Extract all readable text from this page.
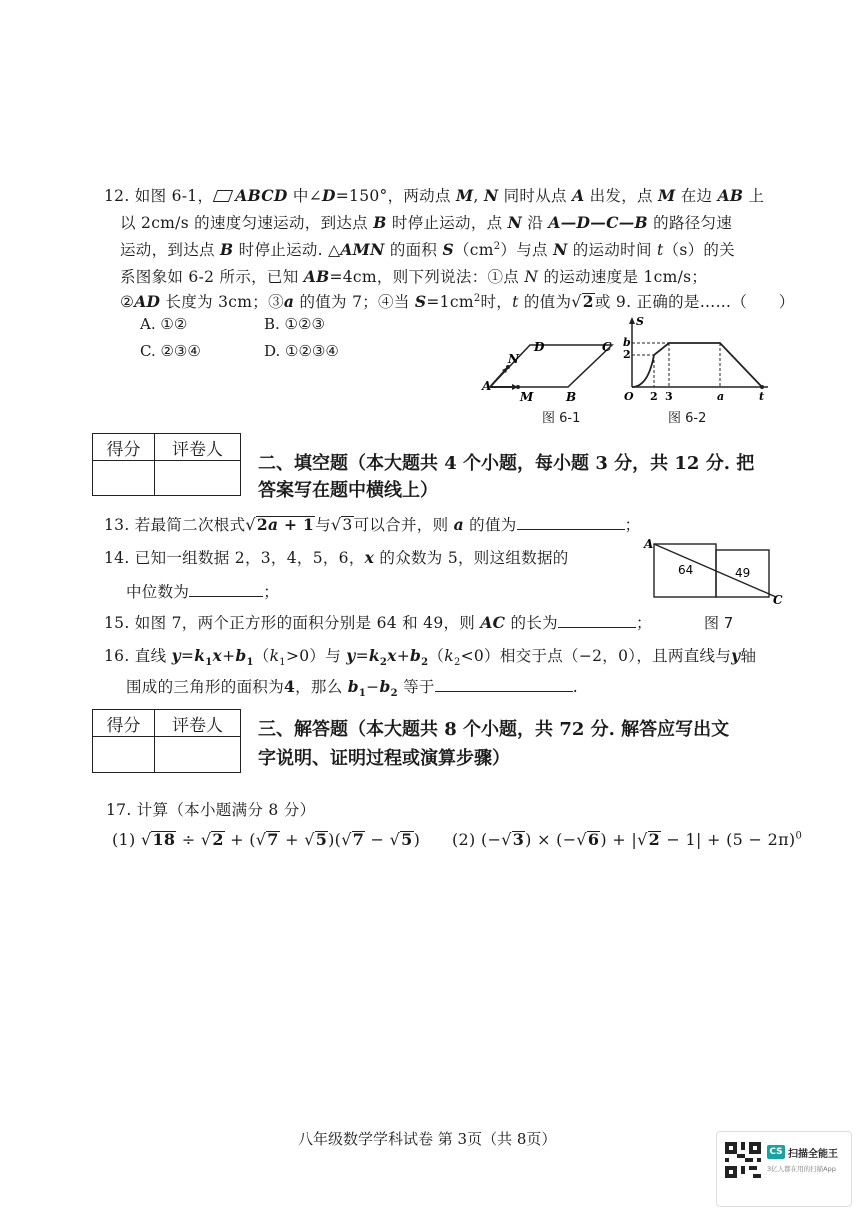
12. 如图 6-1， ABCD 中∠D=150°，两动点 M, N 同时从点 A 出发，点 M 在边 AB 上
以 2cm/s 的速度匀速运动，到达点 B 时停止运动，点 N 沿 A—D—C—B 的路径匀速
运动，到达点 B 时停止运动. △AMN 的面积 $S(cm^2)$与点 N 的运动时间 t（s）的关
系图象如 6-2 所示，已知 AB=4cm，则下列说法：①点 N 的运动速度是 1cm/s；
②AD 长度为 3cm；③a 的值为 7；④当 $S=1cm^2$时，t 的值为√2或 9. 正确的是……（　　）
A. ①②	B. ①②③
C. ②③④	D. ①②③④	N
D	C
A
M	B
图 6-1
S
b
2
O 2 3	a	t
图 6-2
得分	评卷人

二、填空题（本大题共 4 个小题，每小题 3 分，共 12 分. 把
答案写在题中横线上）
13. 若最简二次根式√2a + 1与√3可以合并，则 a 的值为	；
14. 已知一组数据 2，3，4，5，6，x 的众数为 5，则这组数据的
中位数为	；
A
64	49
C
15. 如图 7，两个正方形的面积分别是 64 和 49，则 AC 的长为	；	图 7
16. 直线 $y=k_1x+b_1(k_1>0)$与 $y=k_2x+b_2(k_2<0)$相交于点（−2，0），且两直线与y轴
围成的三角形的面积为4，那么 $b_1-b_2$ 等于	.
得分	评卷人
	三、解答题（本大题共 8 个小题，共 72 分. 解答应写出文
字说明、证明过程或演算步骤）
17. 计算（本小题满分 8 分）
(1) √18 ÷ √2 + (√7 + √5)(√7 − √5) (2) $(-√3) \times (-√6) + |√2 - 1| + (5 - 2\pi)^0$
八年级数学学科试卷 第 3页（共 8页）
CS 扫描全能王
3亿人都在用的扫描App
